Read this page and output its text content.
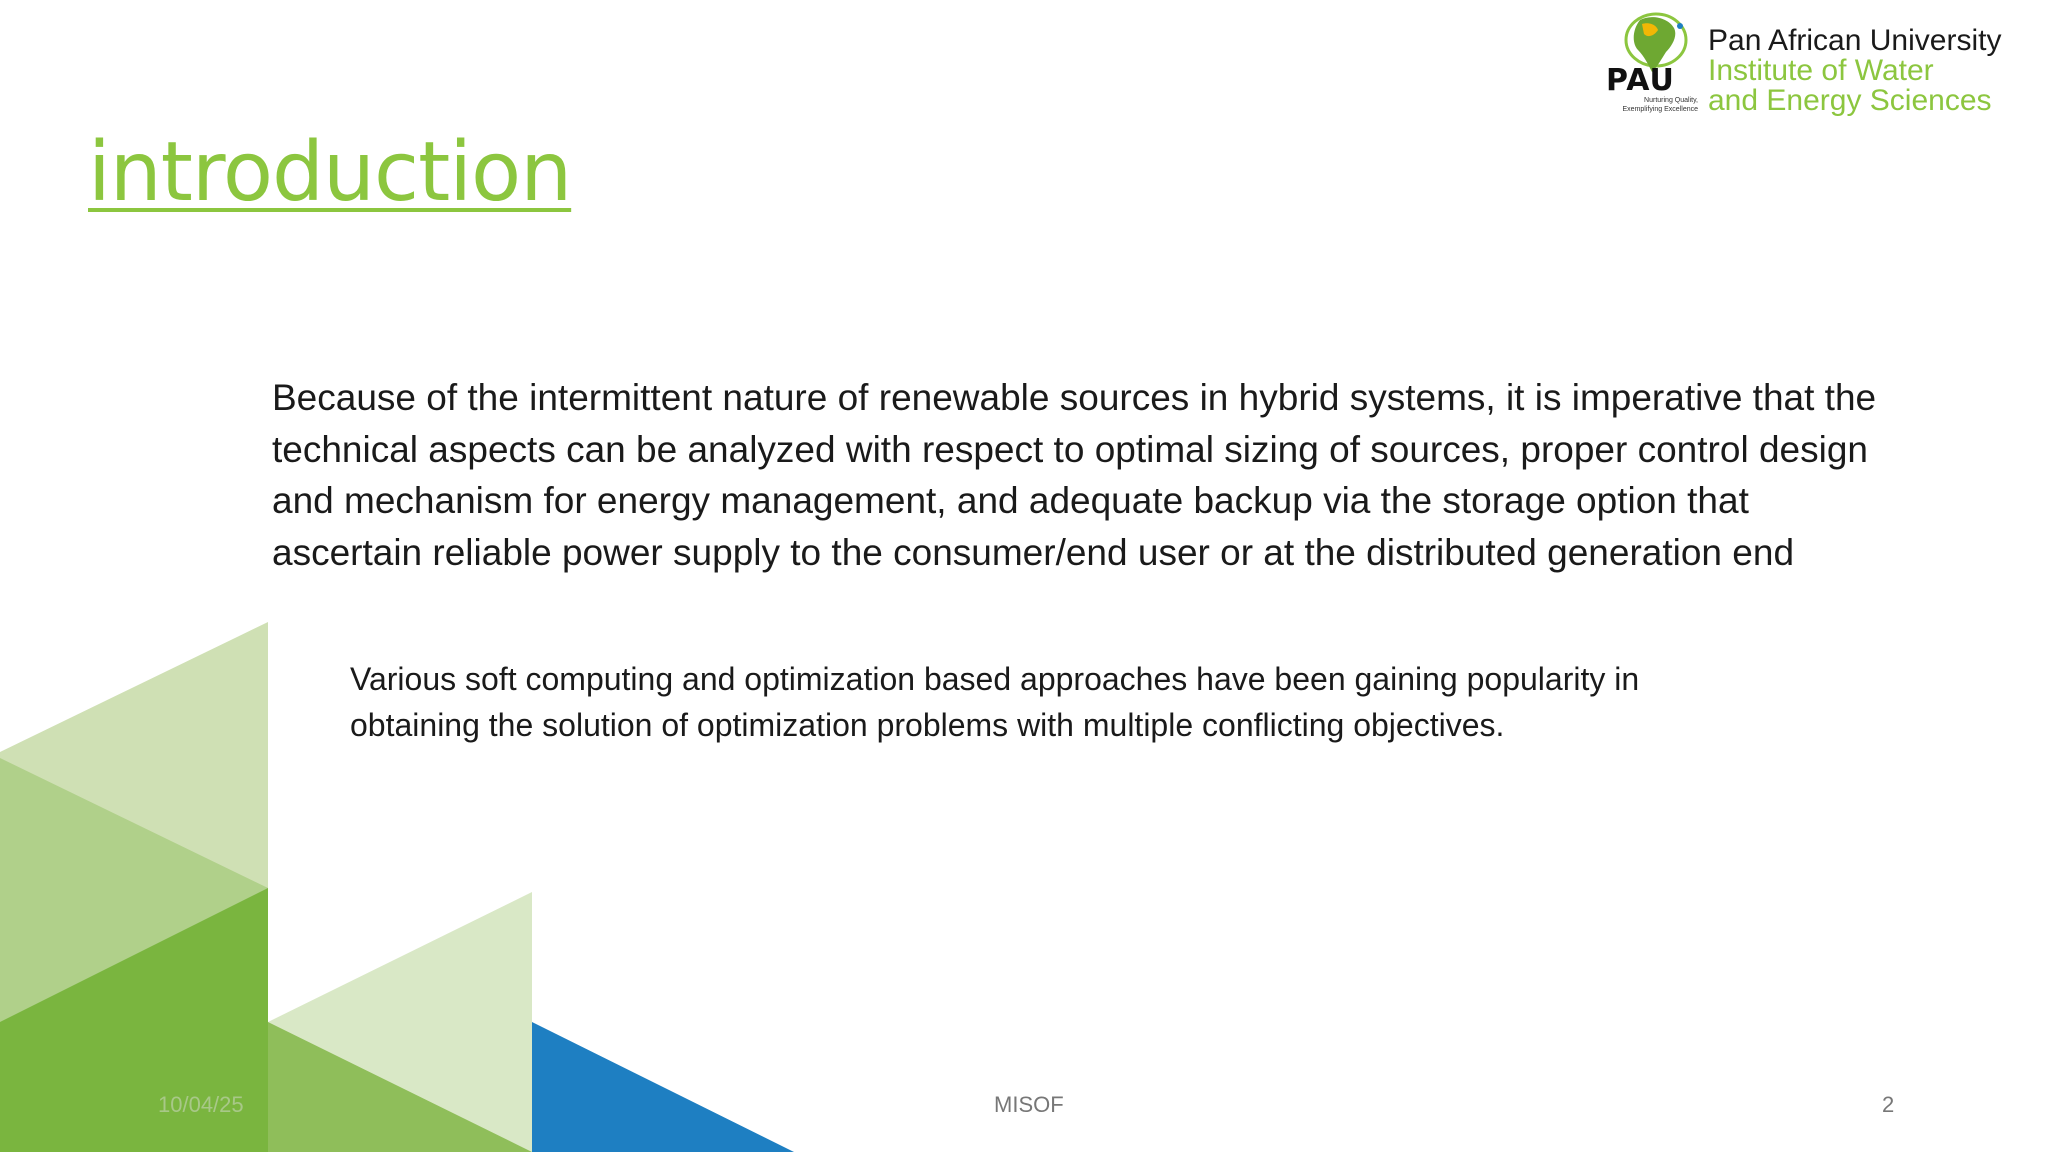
PAU
Nurturing Quality, Exemplifying Excellence
Pan African University
Institute of Water
and Energy Sciences
introduction

Because of the intermittent nature of renewable sources in hybrid systems, it is imperative that the technical aspects can be analyzed with respect to optimal sizing of sources, proper control design and mechanism for energy management, and adequate backup via the storage option that ascertain reliable power supply to the consumer/end user or at the distributed generation end

Various soft computing and optimization based approaches have been gaining popularity in obtaining the solution of optimization problems with multiple conflicting objectives.

10/04/25	MISOF	2
